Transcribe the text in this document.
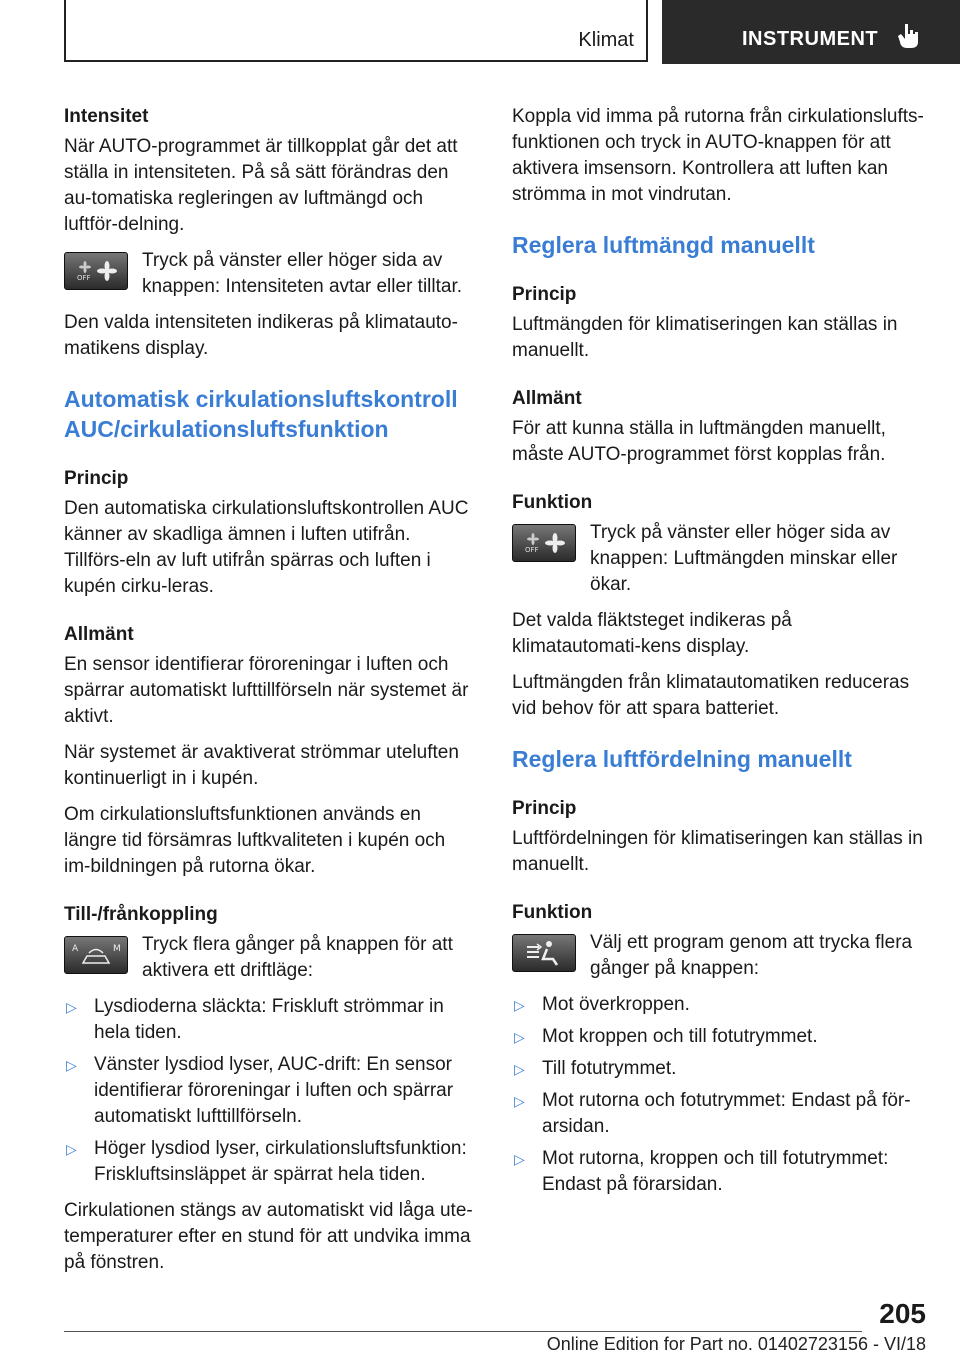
Klimat	INSTRUMENT
Intensitet

När AUTO-programmet är tillkopplat går det att ställa in intensiteten. På så sätt förändras den au-tomatiska regleringen av luftmängd och luftför-delning.

OFF
Tryck på vänster eller höger sida av knappen: Intensiteten avtar eller tilltar.

Den valda intensiteten indikeras på klimatauto-matikens display.

Automatisk cirkulationsluftskontroll AUC/cirkulationsluftsfunktion
Princip

Den automatiska cirkulationsluftskontrollen AUC känner av skadliga ämnen i luften utifrån. Tillförs-eln av luft utifrån spärras och luften i kupén cirku-leras.

Allmänt

En sensor identifierar föroreningar i luften och spärrar automatiskt lufttillförseln när systemet är aktivt.

När systemet är avaktiverat strömmar uteluften kontinuerligt in i kupén.

Om cirkulationsluftsfunktionen används en längre tid försämras luftkvaliteten i kupén och im-bildningen på rutorna ökar.

Till-/frånkoppling
A	M Tryck flera gånger på knappen för att aktivera ett driftläge:
▷ Lysdioderna släckta: Friskluft strömmar in hela tiden.
▷ Vänster lysdiod lyser, AUC-drift: En sensor identifierar föroreningar i luften och spärrar automatiskt lufttillförseln.
▷ Höger lysdiod lyser, cirkulationsluftsfunktion: Friskluftsinsläppet är spärrat hela tiden.

Cirkulationen stängs av automatiskt vid låga ute-temperaturer efter en stund för att undvika imma på fönstren.

Koppla vid imma på rutorna från cirkulationslufts-funktionen och tryck in AUTO-knappen för att aktivera imsensorn. Kontrollera att luften kan strömma in mot vindrutan.

Reglera luftmängd manuellt
Princip

Luftmängden för klimatiseringen kan ställas in manuellt.

Allmänt

För att kunna ställa in luftmängden manuellt, måste AUTO-programmet först kopplas från.

Funktion
OFF
Tryck på vänster eller höger sida av knappen: Luftmängden minskar eller ökar.

Det valda fläktsteget indikeras på klimatautomati-kens display.

Luftmängden från klimatautomatiken reduceras vid behov för att spara batteriet.

Reglera luftfördelning manuellt
Princip

Luftfördelningen för klimatiseringen kan ställas in manuellt.

Funktion
Välj ett program genom att trycka flera gånger på knappen:
▷ Mot överkroppen.
▷ Mot kroppen och till fotutrymmet.
▷ Till fotutrymmet.
▷ Mot rutorna och fotutrymmet: Endast på för-arsidan.
▷ Mot rutorna, kroppen och till fotutrymmet: Endast på förarsidan.
205
Online Edition for Part no. 01402723156 - VI/18
